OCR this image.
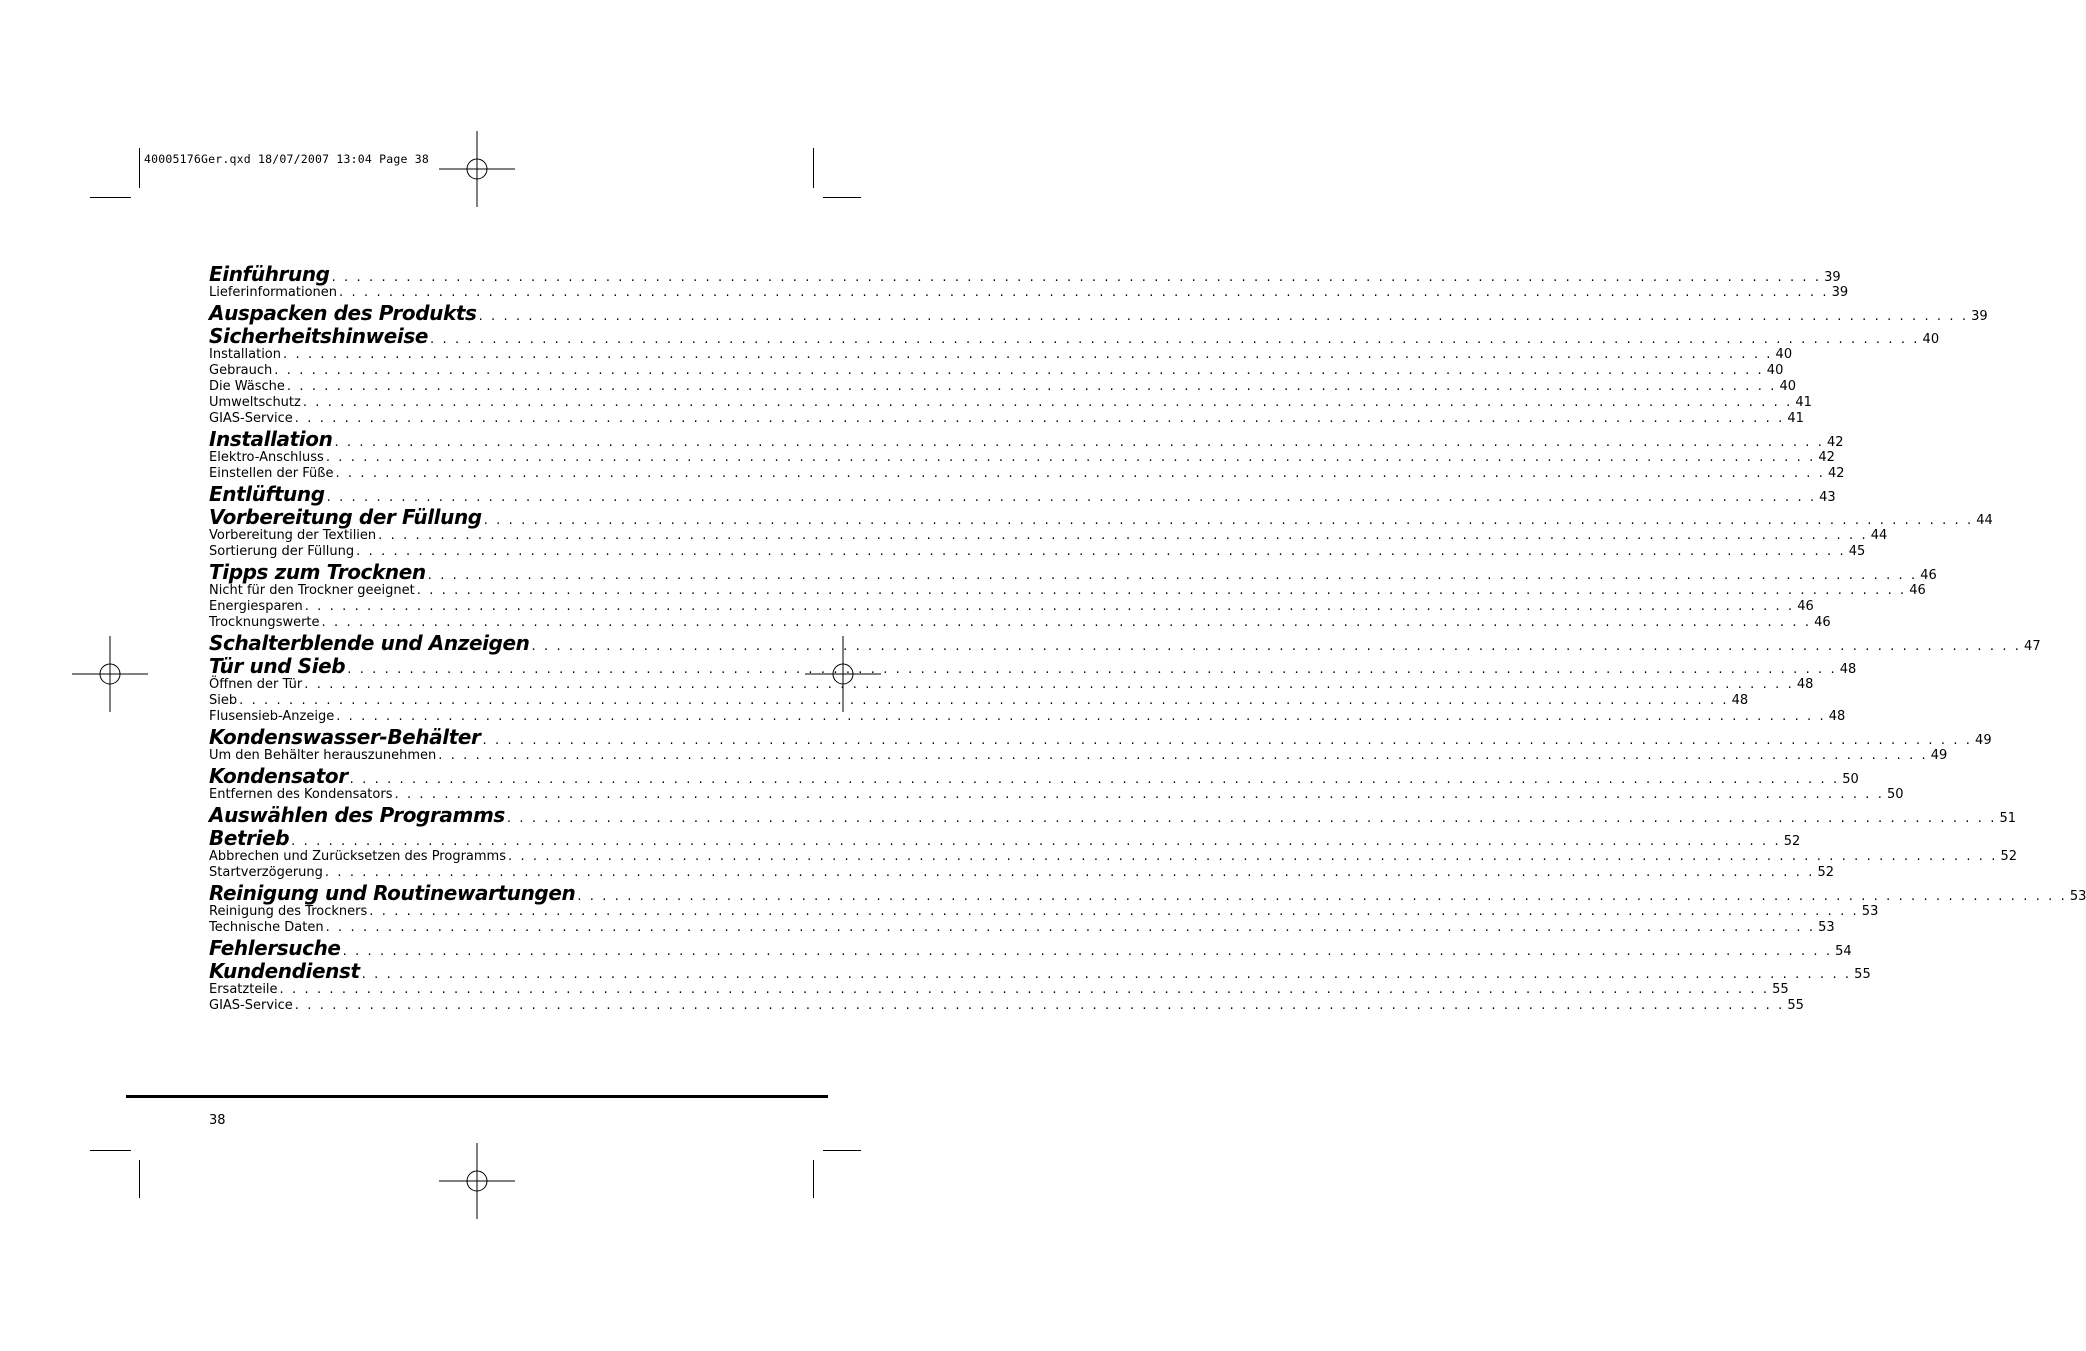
40005176Ger.qxd 18/07/2007 13:04 Page 38
Einführung . . . . . . . . . . . . . . . . . . . . . . . . . . . . . . . . . . . . . . . . . . . . . . . . . . . . . . . . . . . . . . . . . . . . . . . . . . . . . . . . . . . . . . . . . . . . . . . . . . . . . . . . . . . . . . . . . . . . . . . . 39
Lieferinformationen . . . . . . . . . . . . . . . . . . . . . . . . . . . . . . . . . . . . . . . . . . . . . . . . . . . . . . . . . . . . . . . . . . . . . . . . . . . . . . . . . . . . . . . . . . . . . . . . . . . . . . . . . . . . . . . . . . . . . . . . 39
Auspacken des Produkts . . . . . . . . . . . . . . . . . . . . . . . . . . . . . . . . . . . . . . . . . . . . . . . . . . . . . . . . . . . . . . . . . . . . . . . . . . . . . . . . . . . . . . . . . . . . . . . . . . . . . . . . . . . . . . . . . . . . . . . . 39
Sicherheitshinweise . . . . . . . . . . . . . . . . . . . . . . . . . . . . . . . . . . . . . . . . . . . . . . . . . . . . . . . . . . . . . . . . . . . . . . . . . . . . . . . . . . . . . . . . . . . . . . . . . . . . . . . . . . . . . . . . . . . . . . . . 40
Installation . . . . . . . . . . . . . . . . . . . . . . . . . . . . . . . . . . . . . . . . . . . . . . . . . . . . . . . . . . . . . . . . . . . . . . . . . . . . . . . . . . . . . . . . . . . . . . . . . . . . . . . . . . . . . . . . . . . . . . . . 40
Gebrauch . . . . . . . . . . . . . . . . . . . . . . . . . . . . . . . . . . . . . . . . . . . . . . . . . . . . . . . . . . . . . . . . . . . . . . . . . . . . . . . . . . . . . . . . . . . . . . . . . . . . . . . . . . . . . . . . . . . . . . . . 40
Die Wäsche . . . . . . . . . . . . . . . . . . . . . . . . . . . . . . . . . . . . . . . . . . . . . . . . . . . . . . . . . . . . . . . . . . . . . . . . . . . . . . . . . . . . . . . . . . . . . . . . . . . . . . . . . . . . . . . . . . . . . . . . 40
Umweltschutz . . . . . . . . . . . . . . . . . . . . . . . . . . . . . . . . . . . . . . . . . . . . . . . . . . . . . . . . . . . . . . . . . . . . . . . . . . . . . . . . . . . . . . . . . . . . . . . . . . . . . . . . . . . . . . . . . . . . . . . . 41
GIAS-Service . . . . . . . . . . . . . . . . . . . . . . . . . . . . . . . . . . . . . . . . . . . . . . . . . . . . . . . . . . . . . . . . . . . . . . . . . . . . . . . . . . . . . . . . . . . . . . . . . . . . . . . . . . . . . . . . . . . . . . . . 41
Installation . . . . . . . . . . . . . . . . . . . . . . . . . . . . . . . . . . . . . . . . . . . . . . . . . . . . . . . . . . . . . . . . . . . . . . . . . . . . . . . . . . . . . . . . . . . . . . . . . . . . . . . . . . . . . . . . . . . . . . . . 42
Elektro-Anschluss . . . . . . . . . . . . . . . . . . . . . . . . . . . . . . . . . . . . . . . . . . . . . . . . . . . . . . . . . . . . . . . . . . . . . . . . . . . . . . . . . . . . . . . . . . . . . . . . . . . . . . . . . . . . . . . . . . . . . . . . 42
Einstellen der Füße . . . . . . . . . . . . . . . . . . . . . . . . . . . . . . . . . . . . . . . . . . . . . . . . . . . . . . . . . . . . . . . . . . . . . . . . . . . . . . . . . . . . . . . . . . . . . . . . . . . . . . . . . . . . . . . . . . . . . . . . 42
Entlüftung . . . . . . . . . . . . . . . . . . . . . . . . . . . . . . . . . . . . . . . . . . . . . . . . . . . . . . . . . . . . . . . . . . . . . . . . . . . . . . . . . . . . . . . . . . . . . . . . . . . . . . . . . . . . . . . . . . . . . . . . 43
Vorbereitung der Füllung . . . . . . . . . . . . . . . . . . . . . . . . . . . . . . . . . . . . . . . . . . . . . . . . . . . . . . . . . . . . . . . . . . . . . . . . . . . . . . . . . . . . . . . . . . . . . . . . . . . . . . . . . . . . . . . . . . . . . . . . 44
Vorbereitung der Textilien . . . . . . . . . . . . . . . . . . . . . . . . . . . . . . . . . . . . . . . . . . . . . . . . . . . . . . . . . . . . . . . . . . . . . . . . . . . . . . . . . . . . . . . . . . . . . . . . . . . . . . . . . . . . . . . . . . . . . . . . 44
Sortierung der Füllung . . . . . . . . . . . . . . . . . . . . . . . . . . . . . . . . . . . . . . . . . . . . . . . . . . . . . . . . . . . . . . . . . . . . . . . . . . . . . . . . . . . . . . . . . . . . . . . . . . . . . . . . . . . . . . . . . . . . . . . . 45
Tipps zum Trocknen . . . . . . . . . . . . . . . . . . . . . . . . . . . . . . . . . . . . . . . . . . . . . . . . . . . . . . . . . . . . . . . . . . . . . . . . . . . . . . . . . . . . . . . . . . . . . . . . . . . . . . . . . . . . . . . . . . . . . . . . 46
Nicht für den Trockner geeignet . . . . . . . . . . . . . . . . . . . . . . . . . . . . . . . . . . . . . . . . . . . . . . . . . . . . . . . . . . . . . . . . . . . . . . . . . . . . . . . . . . . . . . . . . . . . . . . . . . . . . . . . . . . . . . . . . . . . . . . . 46
Energiesparen . . . . . . . . . . . . . . . . . . . . . . . . . . . . . . . . . . . . . . . . . . . . . . . . . . . . . . . . . . . . . . . . . . . . . . . . . . . . . . . . . . . . . . . . . . . . . . . . . . . . . . . . . . . . . . . . . . . . . . . . 46
Trocknungswerte . . . . . . . . . . . . . . . . . . . . . . . . . . . . . . . . . . . . . . . . . . . . . . . . . . . . . . . . . . . . . . . . . . . . . . . . . . . . . . . . . . . . . . . . . . . . . . . . . . . . . . . . . . . . . . . . . . . . . . . . 46
Schalterblende und Anzeigen . . . . . . . . . . . . . . . . . . . . . . . . . . . . . . . . . . . . . . . . . . . . . . . . . . . . . . . . . . . . . . . . . . . . . . . . . . . . . . . . . . . . . . . . . . . . . . . . . . . . . . . . . . . . . . . . . . . . . . . . 47
Tür und Sieb . . . . . . . . . . . . . . . . . . . . . . . . . . . . . . . . . . . . . . . . . . . . . . . . . . . . . . . . . . . . . . . . . . . . . . . . . . . . . . . . . . . . . . . . . . . . . . . . . . . . . . . . . . . . . . . . . . . . . . . . 48
Öffnen der Tür . . . . . . . . . . . . . . . . . . . . . . . . . . . . . . . . . . . . . . . . . . . . . . . . . . . . . . . . . . . . . . . . . . . . . . . . . . . . . . . . . . . . . . . . . . . . . . . . . . . . . . . . . . . . . . . . . . . . . . . . 48
Sieb . . . . . . . . . . . . . . . . . . . . . . . . . . . . . . . . . . . . . . . . . . . . . . . . . . . . . . . . . . . . . . . . . . . . . . . . . . . . . . . . . . . . . . . . . . . . . . . . . . . . . . . . . . . . . . . . . . . . . . . . 48
Flusensieb-Anzeige . . . . . . . . . . . . . . . . . . . . . . . . . . . . . . . . . . . . . . . . . . . . . . . . . . . . . . . . . . . . . . . . . . . . . . . . . . . . . . . . . . . . . . . . . . . . . . . . . . . . . . . . . . . . . . . . . . . . . . . . 48
Kondenswasser-Behälter . . . . . . . . . . . . . . . . . . . . . . . . . . . . . . . . . . . . . . . . . . . . . . . . . . . . . . . . . . . . . . . . . . . . . . . . . . . . . . . . . . . . . . . . . . . . . . . . . . . . . . . . . . . . . . . . . . . . . . . . 49
Um den Behälter herauszunehmen . . . . . . . . . . . . . . . . . . . . . . . . . . . . . . . . . . . . . . . . . . . . . . . . . . . . . . . . . . . . . . . . . . . . . . . . . . . . . . . . . . . . . . . . . . . . . . . . . . . . . . . . . . . . . . . . . . . . . . . . 49
Kondensator . . . . . . . . . . . . . . . . . . . . . . . . . . . . . . . . . . . . . . . . . . . . . . . . . . . . . . . . . . . . . . . . . . . . . . . . . . . . . . . . . . . . . . . . . . . . . . . . . . . . . . . . . . . . . . . . . . . . . . . . 50
Entfernen des Kondensators . . . . . . . . . . . . . . . . . . . . . . . . . . . . . . . . . . . . . . . . . . . . . . . . . . . . . . . . . . . . . . . . . . . . . . . . . . . . . . . . . . . . . . . . . . . . . . . . . . . . . . . . . . . . . . . . . . . . . . . . 50
Auswählen des Programms . . . . . . . . . . . . . . . . . . . . . . . . . . . . . . . . . . . . . . . . . . . . . . . . . . . . . . . . . . . . . . . . . . . . . . . . . . . . . . . . . . . . . . . . . . . . . . . . . . . . . . . . . . . . . . . . . . . . . . . . 51
Betrieb . . . . . . . . . . . . . . . . . . . . . . . . . . . . . . . . . . . . . . . . . . . . . . . . . . . . . . . . . . . . . . . . . . . . . . . . . . . . . . . . . . . . . . . . . . . . . . . . . . . . . . . . . . . . . . . . . . . . . . . . 52
Abbrechen und Zurücksetzen des Programms . . . . . . . . . . . . . . . . . . . . . . . . . . . . . . . . . . . . . . . . . . . . . . . . . . . . . . . . . . . . . . . . . . . . . . . . . . . . . . . . . . . . . . . . . . . . . . . . . . . . . . . . . . . . . . . . . . . . . . . . 52
Startverzögerung . . . . . . . . . . . . . . . . . . . . . . . . . . . . . . . . . . . . . . . . . . . . . . . . . . . . . . . . . . . . . . . . . . . . . . . . . . . . . . . . . . . . . . . . . . . . . . . . . . . . . . . . . . . . . . . . . . . . . . . . 52
Reinigung und Routinewartungen . . . . . . . . . . . . . . . . . . . . . . . . . . . . . . . . . . . . . . . . . . . . . . . . . . . . . . . . . . . . . . . . . . . . . . . . . . . . . . . . . . . . . . . . . . . . . . . . . . . . . . . . . . . . . . . . . . . . . . . . 53
Reinigung des Trockners . . . . . . . . . . . . . . . . . . . . . . . . . . . . . . . . . . . . . . . . . . . . . . . . . . . . . . . . . . . . . . . . . . . . . . . . . . . . . . . . . . . . . . . . . . . . . . . . . . . . . . . . . . . . . . . . . . . . . . . . 53
Technische Daten . . . . . . . . . . . . . . . . . . . . . . . . . . . . . . . . . . . . . . . . . . . . . . . . . . . . . . . . . . . . . . . . . . . . . . . . . . . . . . . . . . . . . . . . . . . . . . . . . . . . . . . . . . . . . . . . . . . . . . . . 53
Fehlersuche . . . . . . . . . . . . . . . . . . . . . . . . . . . . . . . . . . . . . . . . . . . . . . . . . . . . . . . . . . . . . . . . . . . . . . . . . . . . . . . . . . . . . . . . . . . . . . . . . . . . . . . . . . . . . . . . . . . . . . . . 54
Kundendienst . . . . . . . . . . . . . . . . . . . . . . . . . . . . . . . . . . . . . . . . . . . . . . . . . . . . . . . . . . . . . . . . . . . . . . . . . . . . . . . . . . . . . . . . . . . . . . . . . . . . . . . . . . . . . . . . . . . . . . . . 55
Ersatzteile . . . . . . . . . . . . . . . . . . . . . . . . . . . . . . . . . . . . . . . . . . . . . . . . . . . . . . . . . . . . . . . . . . . . . . . . . . . . . . . . . . . . . . . . . . . . . . . . . . . . . . . . . . . . . . . . . . . . . . . . 55
GIAS-Service . . . . . . . . . . . . . . . . . . . . . . . . . . . . . . . . . . . . . . . . . . . . . . . . . . . . . . . . . . . . . . . . . . . . . . . . . . . . . . . . . . . . . . . . . . . . . . . . . . . . . . . . . . . . . . . . . . . . . . . . 55
38
